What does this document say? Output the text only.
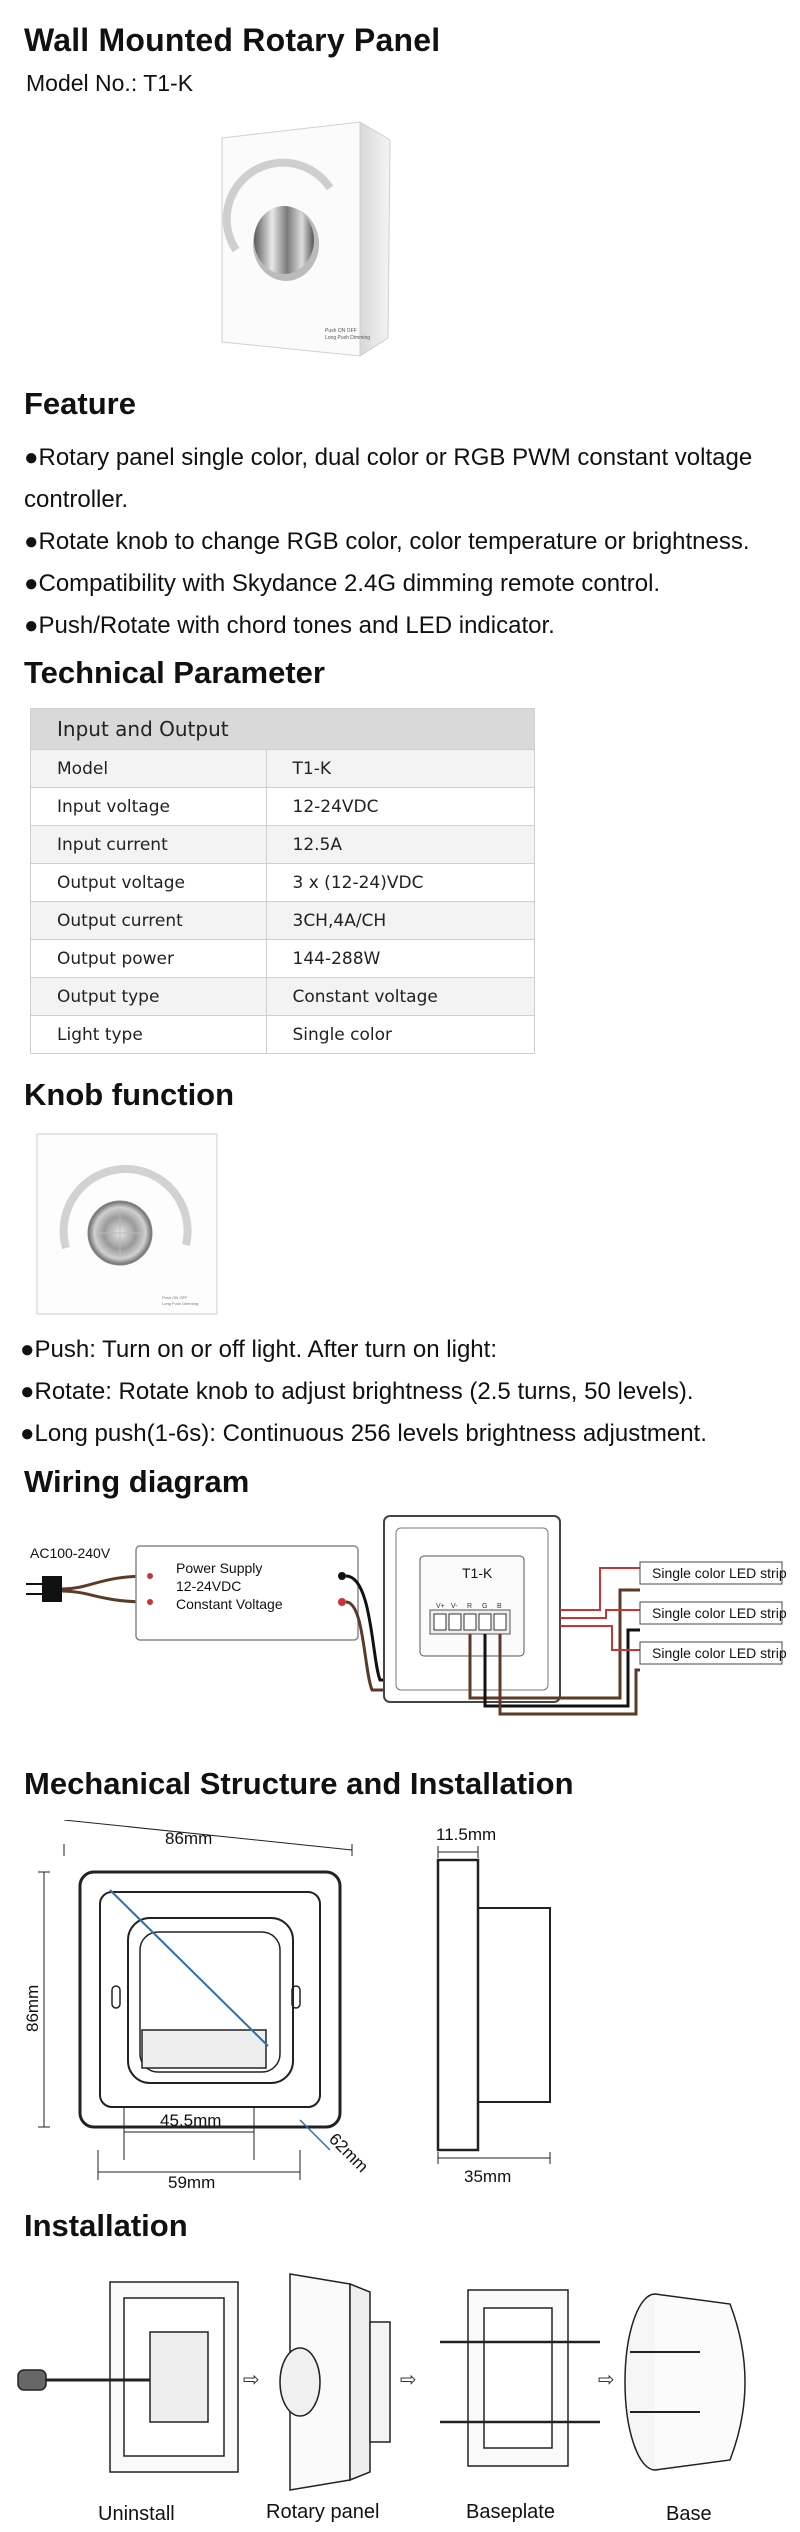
Wall Mounted Rotary Panel
Model No.: T1-K
Push ON OFF
Long Push Dimming
Feature
●Rotary panel single color, dual color or RGB PWM constant voltage controller.
●Rotate knob to change RGB color, color temperature or brightness.
●Compatibility with Skydance 2.4G dimming remote control.
●Push/Rotate with chord tones and LED indicator.
Technical Parameter
Input and Output	
Model	T1-K
Input voltage	12-24VDC
Input current	12.5A
Output voltage	3 x (12-24)VDC
Output current	3CH,4A/CH
Output power	144-288W
Output type	Constant voltage
Light type	Single color
Knob function
Push ON OFF
Long Push Dimming
●Push: Turn on or off light. After turn on light:
●Rotate: Rotate knob to adjust brightness (2.5 turns, 50 levels).
●Long push(1-6s): Continuous 256 levels brightness adjustment.
Wiring diagram
AC100-240V
Power Supply
12-24VDC
Constant Voltage
T1-K	Single color LED strip
Single color LED strip
Single color LED strip
V+ V- R G B
Mechanical Structure and Installation
86mm
86mm
45.5mm
59mm
62mm
11.5mm
35mm
Installation
⇨	⇨	⇨
Uninstall	Rotary panel	Baseplate	Base
